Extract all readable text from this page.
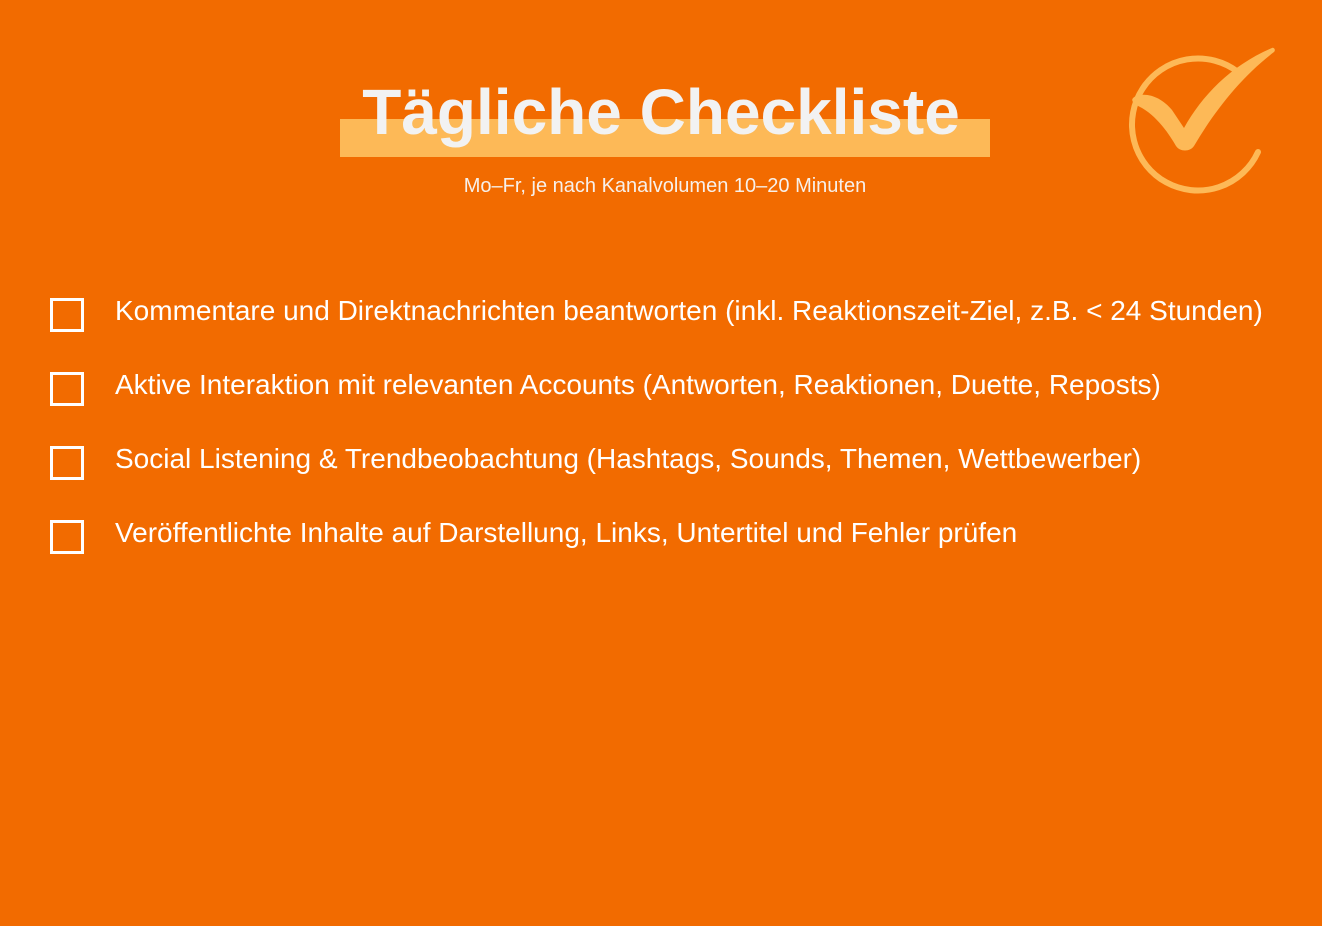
Tägliche Checkliste
Mo–Fr, je nach Kanalvolumen 10–20 Minuten
Kommentare und Direktnachrichten beantworten (inkl. Reaktionszeit-Ziel, z.B. < 24 Stunden)
Aktive Interaktion mit relevanten Accounts (Antworten, Reaktionen, Duette, Reposts)
Social Listening & Trendbeobachtung (Hashtags, Sounds, Themen, Wettbewerber)
Veröffentlichte Inhalte auf Darstellung, Links, Untertitel und Fehler prüfen
